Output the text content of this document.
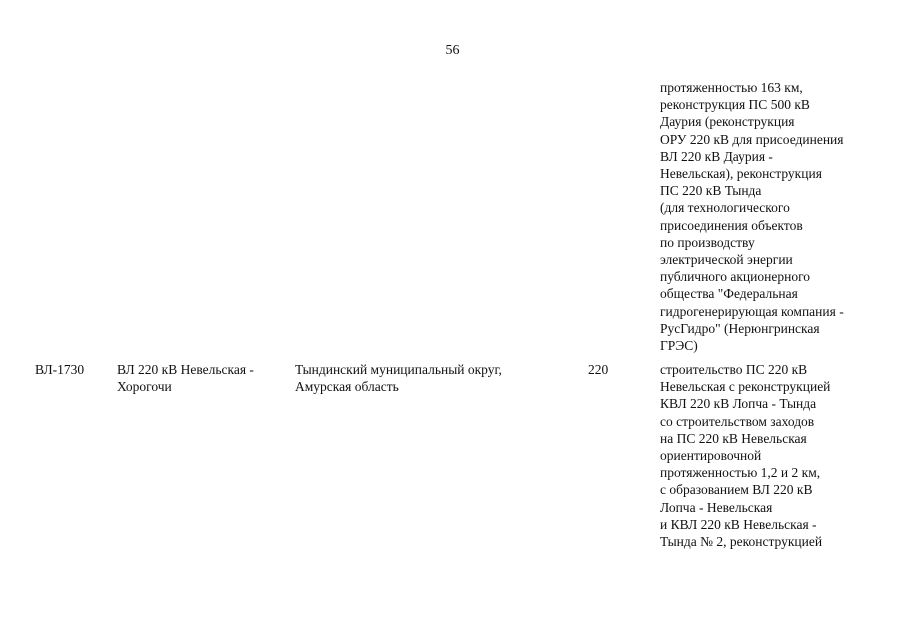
56
протяженностью 163 км,
реконструкция ПС 500 кВ
Даурия (реконструкция
ОРУ 220 кВ для присоединения
ВЛ 220 кВ Даурия -
Невельская), реконструкция
ПС 220 кВ Тында
(для технологического
присоединения объектов
по производству
электрической энергии
публичного акционерного
общества "Федеральная
гидрогенерирующая компания -
РусГидро" (Нерюнгринская
ГРЭС)
ВЛ-1730	ВЛ 220 кВ Невельская -
Хорогочи
Тындинский муниципальный округ,
Амурская область
220	строительство ПС 220 кВ
Невельская с реконструкцией
КВЛ 220 кВ Лопча - Тында
со строительством заходов
на ПС 220 кВ Невельская
ориентировочной
протяженностью 1,2 и 2 км,
с образованием ВЛ 220 кВ
Лопча - Невельская
и КВЛ 220 кВ Невельская -
Тында № 2, реконструкцией
